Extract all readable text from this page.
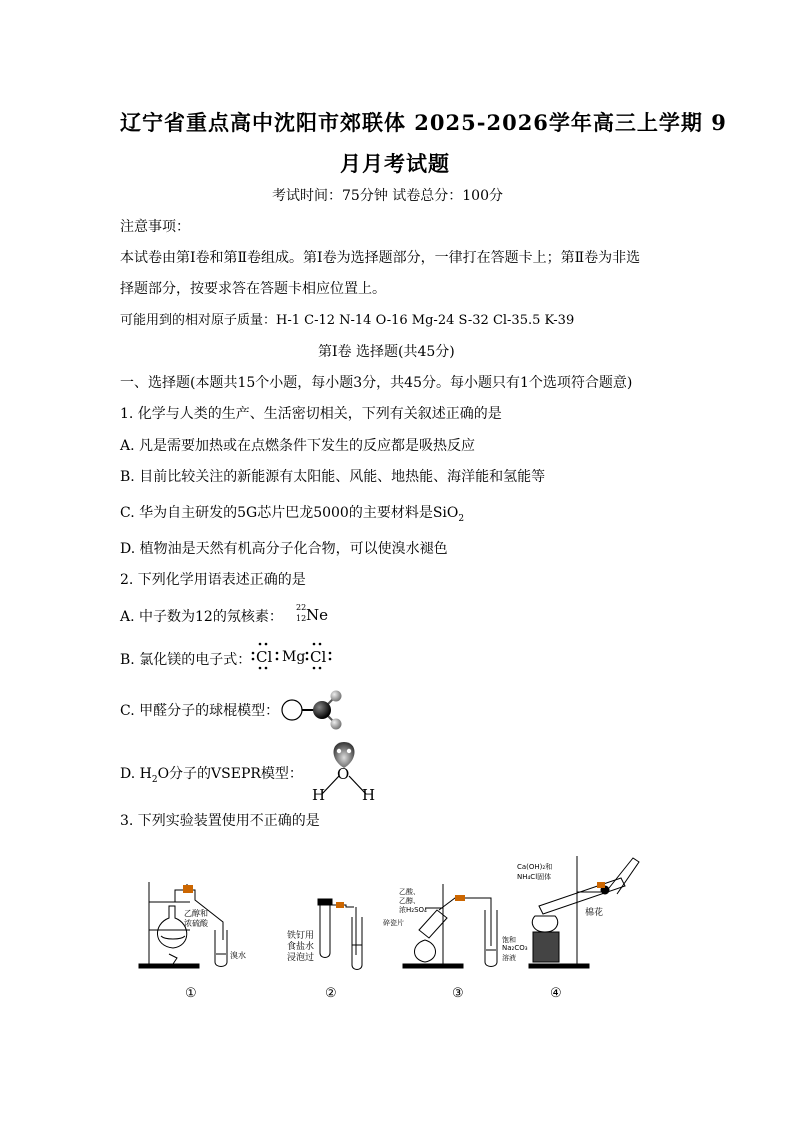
辽宁省重点高中沈阳市郊联体 2025-2026学年高三上学期 9
月月考试题
考试时间：75分钟 试卷总分：100分
注意事项：
本试卷由第Ⅰ卷和第Ⅱ卷组成。第Ⅰ卷为选择题部分，一律打在答题卡上；第Ⅱ卷为非选
择题部分，按要求答在答题卡相应位置上。
可能用到的相对原子质量：H-1 C-12 N-14 O-16 Mg-24 S-32 Cl-35.5 K-39
第Ⅰ卷 选择题(共45分)
一、选择题(本题共15个小题，每小题3分，共45分。每小题只有1个选项符合题意)
1. 化学与人类的生产、生活密切相关，下列有关叙述正确的是
A. 凡是需要加热或在点燃条件下发生的反应都是吸热反应
B. 目前比较关注的新能源有太阳能、风能、地热能、海洋能和氢能等
C. 华为自主研发的5G芯片巴龙5000的主要材料是SiO$_2$
D. 植物油是天然有机高分子化合物，可以使溴水褪色
2. 下列化学用语表述正确的是
A. 中子数为12的氖核素：
22
12 Ne
B. 氯化镁的电子式： Cl Mg Cl
C. 甲醛分子的球棍模型：
D. $H_2O$分子的VSEPR模型： O
H H
3. 下列实验装置使用不正确的是
乙醇和
浓硫酸
溴水
铁钉用
食盐水
浸泡过
乙酸、
乙醇、
浓H₂SO₄
碎瓷片
饱和
Na₂CO₃
溶液
Ca(OH)₂和
NH₄Cl固体
棉花
①	②	③	④
